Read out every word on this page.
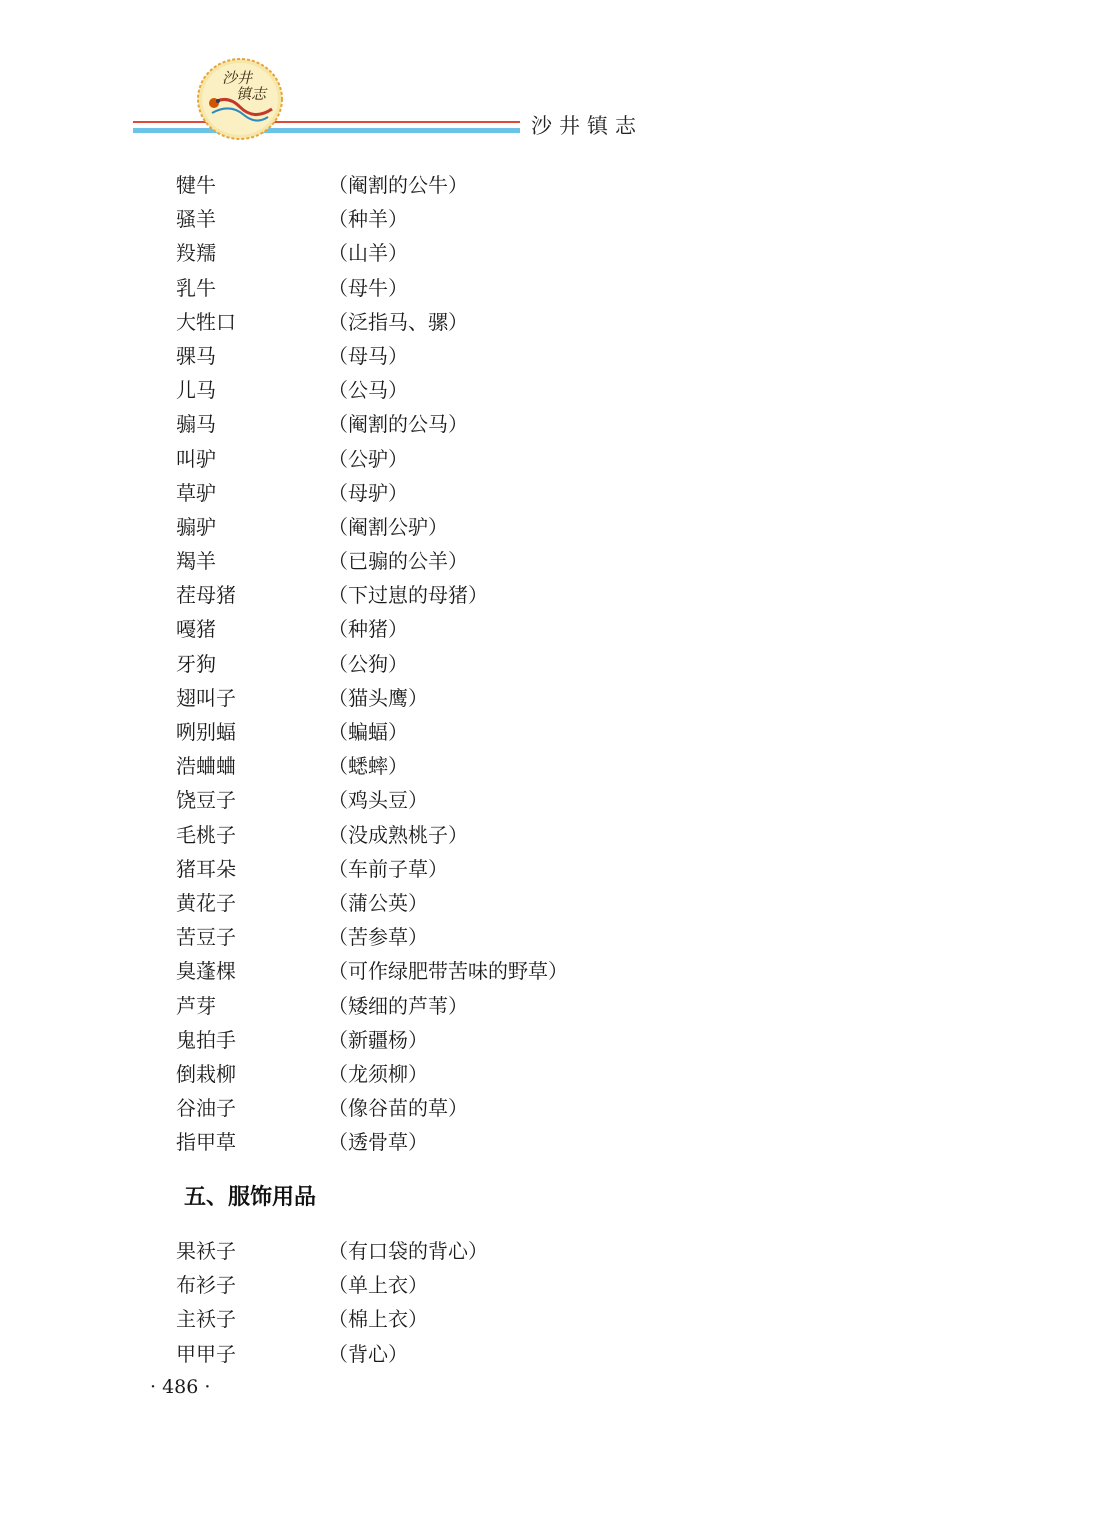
沙井
镇志
沙井镇志
犍牛	（阉割的公牛）
骚羊	（种羊）
羖羺	（山羊）
乳牛	（母牛）
大牲口	（泛指马、骡）
骒马	（母马）
儿马	（公马）
骟马	（阉割的公马）
叫驴	（公驴）
草驴	（母驴）
骟驴	（阉割公驴）
羯羊	（已骟的公羊）
茬母猪	（下过崽的母猪）
嘠猪	（种猪）
牙狗	（公狗）
翅叫子	（猫头鹰）
咧别蝠	（蝙蝠）
浩蛐蛐	（蟋蟀）
饶豆子	（鸡头豆）
毛桃子	（没成熟桃子）
猪耳朵	（车前子草）
黄花子	（蒲公英）
苦豆子	（苦参草）
臭蓬棵	（可作绿肥带苦味的野草）
芦芽	（矮细的芦苇）
鬼拍手	（新疆杨）
倒栽柳	（龙须柳）
谷油子	（像谷苗的草）
指甲草	（透骨草）
五、服饰用品
果袄子	（有口袋的背心）
布衫子	（单上衣）
主袄子	（棉上衣）
甲甲子	（背心）
· 486 ·
